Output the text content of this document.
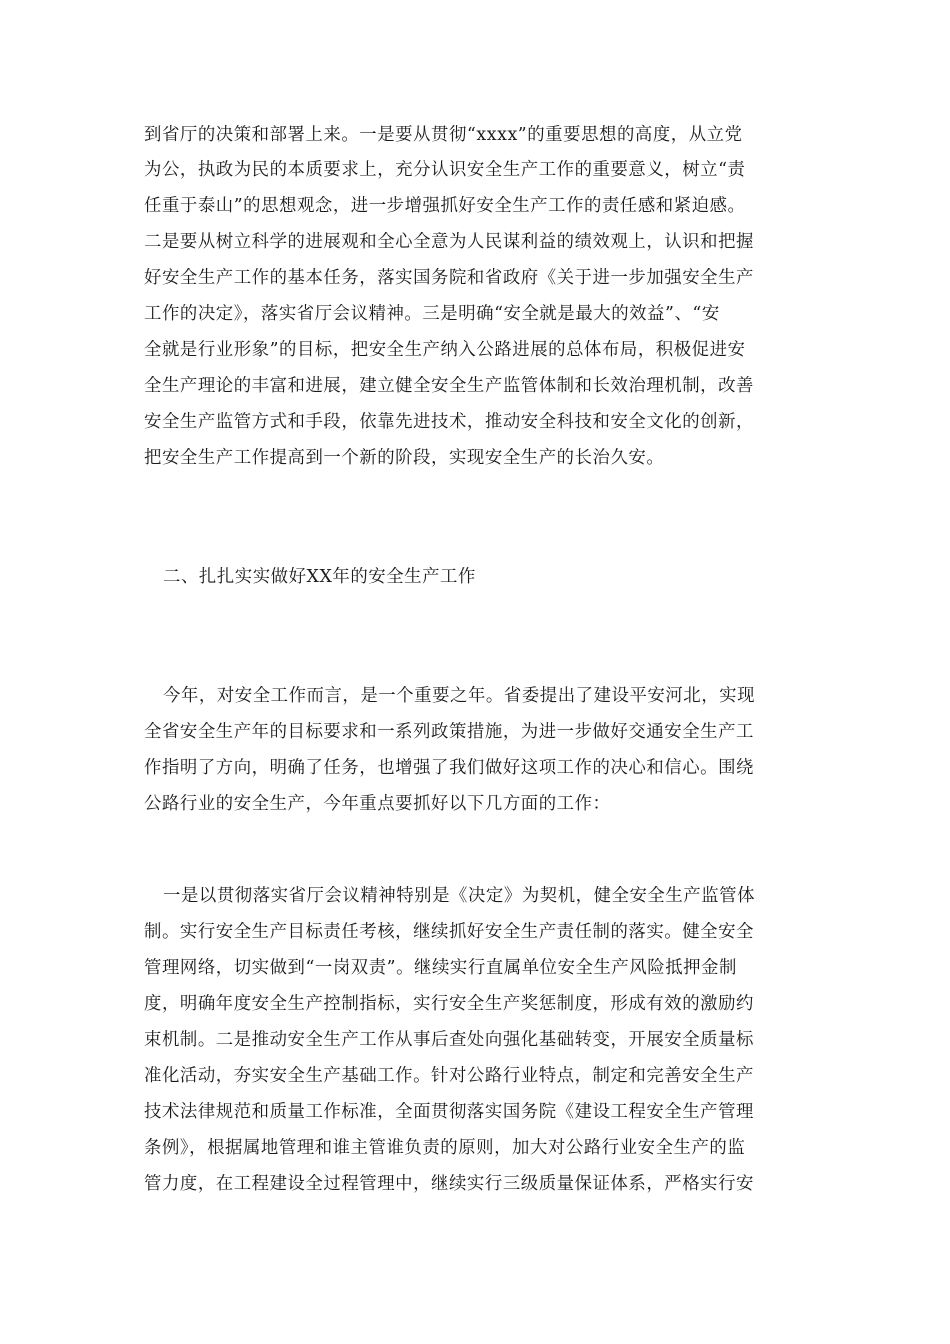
到省厅的决策和部署上来。一是要从贯彻“xxxx”的重要思想的高度，从立党
为公，执政为民的本质要求上，充分认识安全生产工作的重要意义，树立“责
任重于泰山”的思想观念，进一步增强抓好安全生产工作的责任感和紧迫感。
二是要从树立科学的进展观和全心全意为人民谋利益的绩效观上，认识和把握
好安全生产工作的基本任务，落实国务院和省政府《关于进一步加强安全生产
工作的决定》，落实省厅会议精神。三是明确“安全就是最大的效益”、“安
全就是行业形象”的目标，把安全生产纳入公路进展的总体布局，积极促进安
全生产理论的丰富和进展，建立健全安全生产监管体制和长效治理机制，改善
安全生产监管方式和手段，依靠先进技术，推动安全科技和安全文化的创新，
把安全生产工作提高到一个新的阶段，实现安全生产的长治久安。
二、扎扎实实做好XX年的安全生产工作
今年，对安全工作而言，是一个重要之年。省委提出了建设平安河北，实现
全省安全生产年的目标要求和一系列政策措施，为进一步做好交通安全生产工
作指明了方向，明确了任务，也增强了我们做好这项工作的决心和信心。围绕
公路行业的安全生产，今年重点要抓好以下几方面的工作：
一是以贯彻落实省厅会议精神特别是《决定》为契机，健全安全生产监管体
制。实行安全生产目标责任考核，继续抓好安全生产责任制的落实。健全安全
管理网络，切实做到“一岗双责”。继续实行直属单位安全生产风险抵押金制
度，明确年度安全生产控制指标，实行安全生产奖惩制度，形成有效的激励约
束机制。二是推动安全生产工作从事后查处向强化基础转变，开展安全质量标
准化活动，夯实安全生产基础工作。针对公路行业特点，制定和完善安全生产
技术法律规范和质量工作标准，全面贯彻落实国务院《建设工程安全生产管理
条例》，根据属地管理和谁主管谁负责的原则，加大对公路行业安全生产的监
管力度，在工程建设全过程管理中，继续实行三级质量保证体系，严格实行安
